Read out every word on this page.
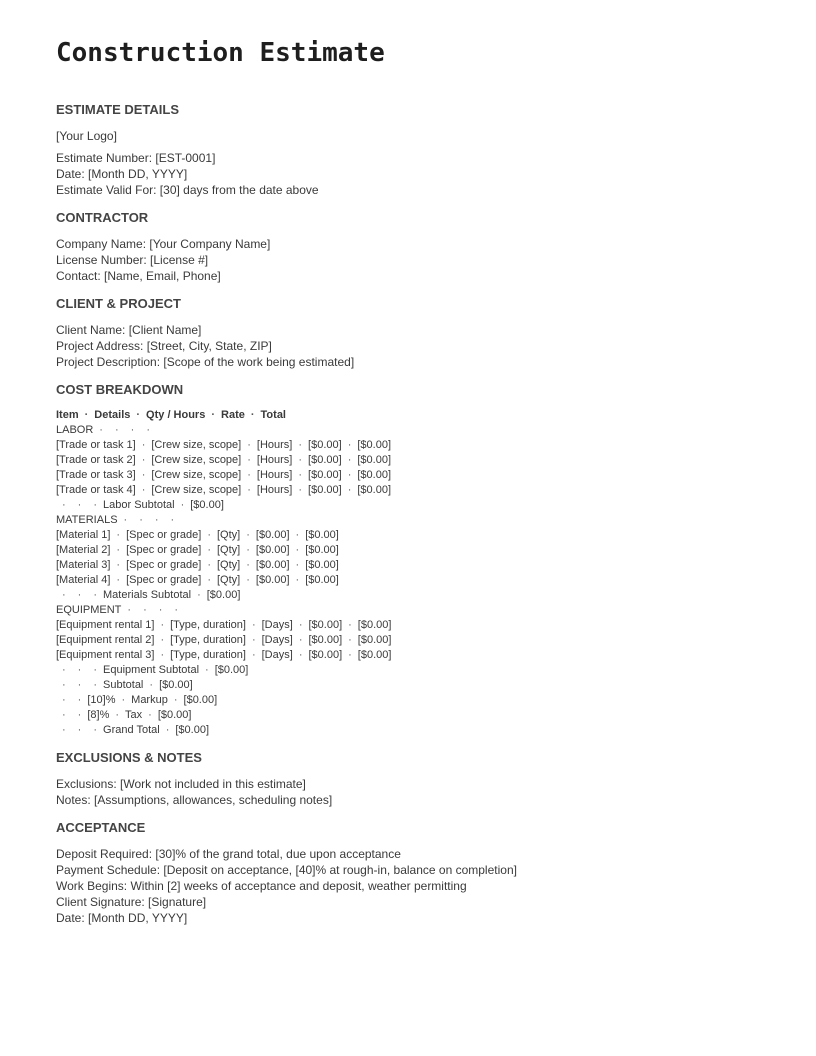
Construction Estimate
ESTIMATE DETAILS
[Your Logo]
Estimate Number: [EST-0001]
Date: [Month DD, YYYY]
Estimate Valid For: [30] days from the date above
CONTRACTOR
Company Name: [Your Company Name]
License Number: [License #]
Contact: [Name, Email, Phone]
CLIENT & PROJECT
Client Name: [Client Name]
Project Address: [Street, City, State, ZIP]
Project Description: [Scope of the work being estimated]
COST BREAKDOWN
Item · Details · Qty / Hours · Rate · Total
LABOR · · · ·
[Trade or task 1] · [Crew size, scope] · [Hours] · [$0.00] · [$0.00]
[Trade or task 2] · [Crew size, scope] · [Hours] · [$0.00] · [$0.00]
[Trade or task 3] · [Crew size, scope] · [Hours] · [$0.00] · [$0.00]
[Trade or task 4] · [Crew size, scope] · [Hours] · [$0.00] · [$0.00]
· · · Labor Subtotal · [$0.00]
MATERIALS · · · ·
[Material 1] · [Spec or grade] · [Qty] · [$0.00] · [$0.00]
[Material 2] · [Spec or grade] · [Qty] · [$0.00] · [$0.00]
[Material 3] · [Spec or grade] · [Qty] · [$0.00] · [$0.00]
[Material 4] · [Spec or grade] · [Qty] · [$0.00] · [$0.00]
· · · Materials Subtotal · [$0.00]
EQUIPMENT · · · ·
[Equipment rental 1] · [Type, duration] · [Days] · [$0.00] · [$0.00]
[Equipment rental 2] · [Type, duration] · [Days] · [$0.00] · [$0.00]
[Equipment rental 3] · [Type, duration] · [Days] · [$0.00] · [$0.00]
· · · Equipment Subtotal · [$0.00]
· · · Subtotal · [$0.00]
· · [10]% · Markup · [$0.00]
· · [8]% · Tax · [$0.00]
· · · Grand Total · [$0.00]
EXCLUSIONS & NOTES
Exclusions: [Work not included in this estimate]
Notes: [Assumptions, allowances, scheduling notes]
ACCEPTANCE
Deposit Required: [30]% of the grand total, due upon acceptance
Payment Schedule: [Deposit on acceptance, [40]% at rough-in, balance on completion]
Work Begins: Within [2] weeks of acceptance and deposit, weather permitting
Client Signature: [Signature]
Date: [Month DD, YYYY]
